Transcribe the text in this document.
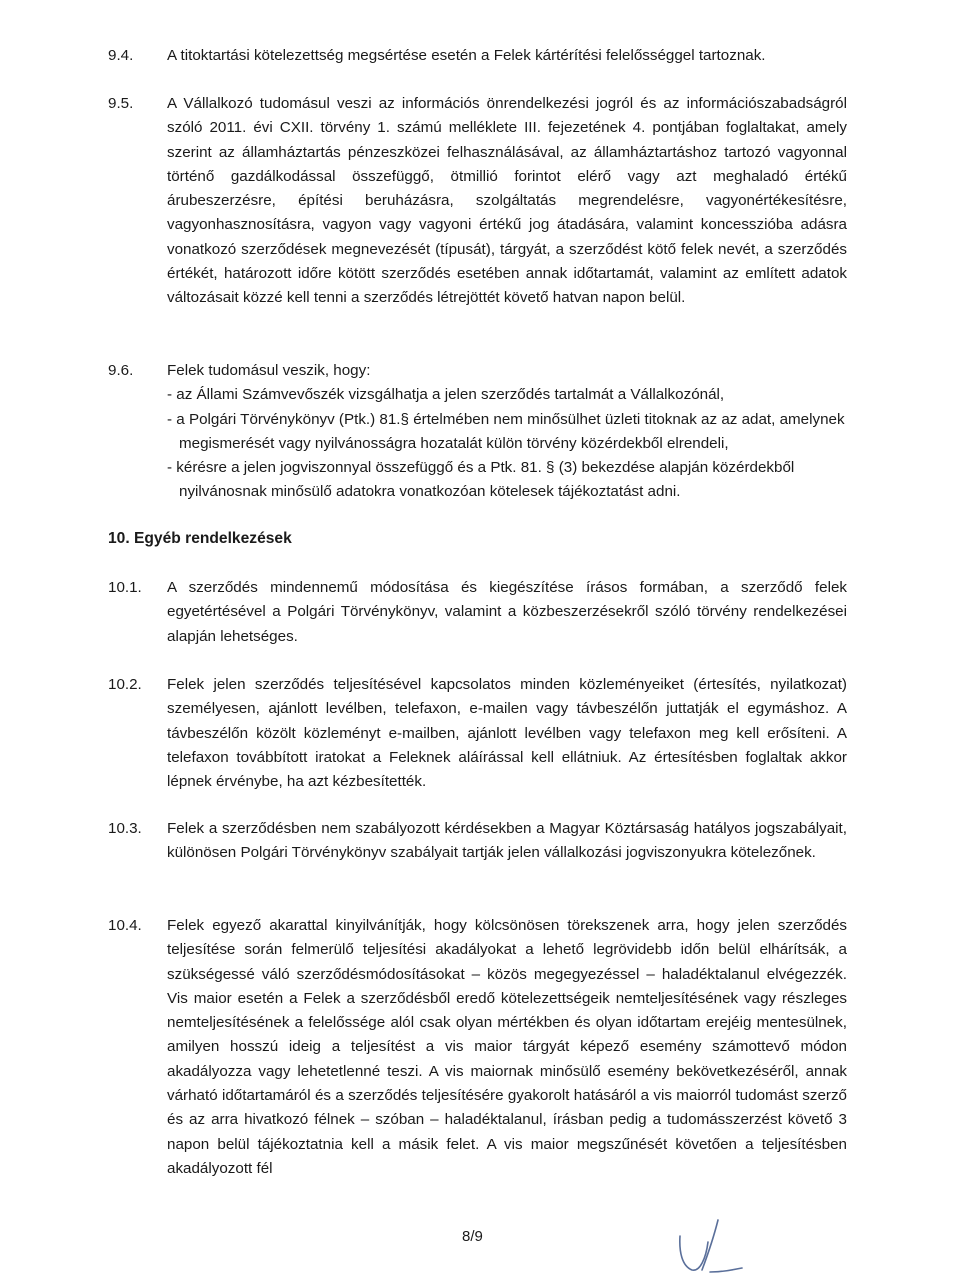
9.4. A titoktartási kötelezettség megsértése esetén a Felek kártérítési felelősséggel tartoznak.

9.5. A Vállalkozó tudomásul veszi az információs önrendelkezési jogról és az információszabadságról szóló 2011. évi CXII. törvény 1. számú melléklete III. fejezetének 4. pontjában foglaltakat, amely szerint az államháztartás pénzeszközei felhasználásával, az államháztartáshoz tartozó vagyonnal történő gazdálkodással összefüggő, ötmillió forintot elérő vagy azt meghaladó értékű árubeszerzésre, építési beruházásra, szolgáltatás megrendelésre, vagyonértékesítésre, vagyonhasznosításra, vagyon vagy vagyoni értékű jog átadására, valamint koncesszióba adásra vonatkozó szerződések megnevezését (típusát), tárgyát, a szerződést kötő felek nevét, a szerződés értékét, határozott időre kötött szerződés esetében annak időtartamát, valamint az említett adatok változásait közzé kell tenni a szerződés létrejöttét követő hatvan napon belül.

9.6. Felek tudomásul veszik, hogy:

- az Állami Számvevőszék vizsgálhatja a jelen szerződés tartalmát a Vállalkozónál,

- a Polgári Törvénykönyv (Ptk.) 81.§ értelmében nem minősülhet üzleti titoknak az az adat, amelynek megismerését vagy nyilvánosságra hozatalát külön törvény közérdekből elrendeli,

- kérésre a jelen jogviszonnyal összefüggő és a Ptk. 81. § (3) bekezdése alapján közérdekből nyilvánosnak minősülő adatokra vonatkozóan kötelesek tájékoztatást adni.

10. Egyéb rendelkezések
10.1. A szerződés mindennemű módosítása és kiegészítése írásos formában, a szerződő felek egyetértésével a Polgári Törvénykönyv, valamint a közbeszerzésekről szóló törvény rendelkezései alapján lehetséges.

10.2. Felek jelen szerződés teljesítésével kapcsolatos minden közleményeiket (értesítés, nyilatkozat) személyesen, ajánlott levélben, telefaxon, e-mailen vagy távbeszélőn juttatják el egymáshoz. A távbeszélőn közölt közleményt e-mailben, ajánlott levélben vagy telefaxon meg kell erősíteni. A telefaxon továbbított iratokat a Feleknek aláírással kell ellátniuk. Az értesítésben foglaltak akkor lépnek érvénybe, ha azt kézbesítették.

10.3. Felek a szerződésben nem szabályozott kérdésekben a Magyar Köztársaság hatályos jogszabályait, különösen Polgári Törvénykönyv szabályait tartják jelen vállalkozási jogviszonyukra kötelezőnek.

10.4. Felek egyező akarattal kinyilvánítják, hogy kölcsönösen törekszenek arra, hogy jelen szerződés teljesítése során felmerülő teljesítési akadályokat a lehető legrövidebb időn belül elhárítsák, a szükségessé váló szerződésmódosításokat – közös megegyezéssel – haladéktalanul elvégezzék. Vis maior esetén a Felek a szerződésből eredő kötelezettségeik nemteljesítésének vagy részleges nemteljesítésének a felelőssége alól csak olyan mértékben és olyan időtartam erejéig mentesülnek, amilyen hosszú ideig a teljesítést a vis maior tárgyát képező esemény számottevő módon akadályozza vagy lehetetlenné teszi. A vis maiornak minősülő esemény bekövetkezéséről, annak várható időtartamáról és a szerződés teljesítésére gyakorolt hatásáról a vis maiorról tudomást szerző és az arra hivatkozó félnek – szóban – haladéktalanul, írásban pedig a tudomásszerzést követő 3 napon belül tájékoztatnia kell a másik felet. A vis maior megszűnését követően a teljesítésben akadályozott fél

8/9
